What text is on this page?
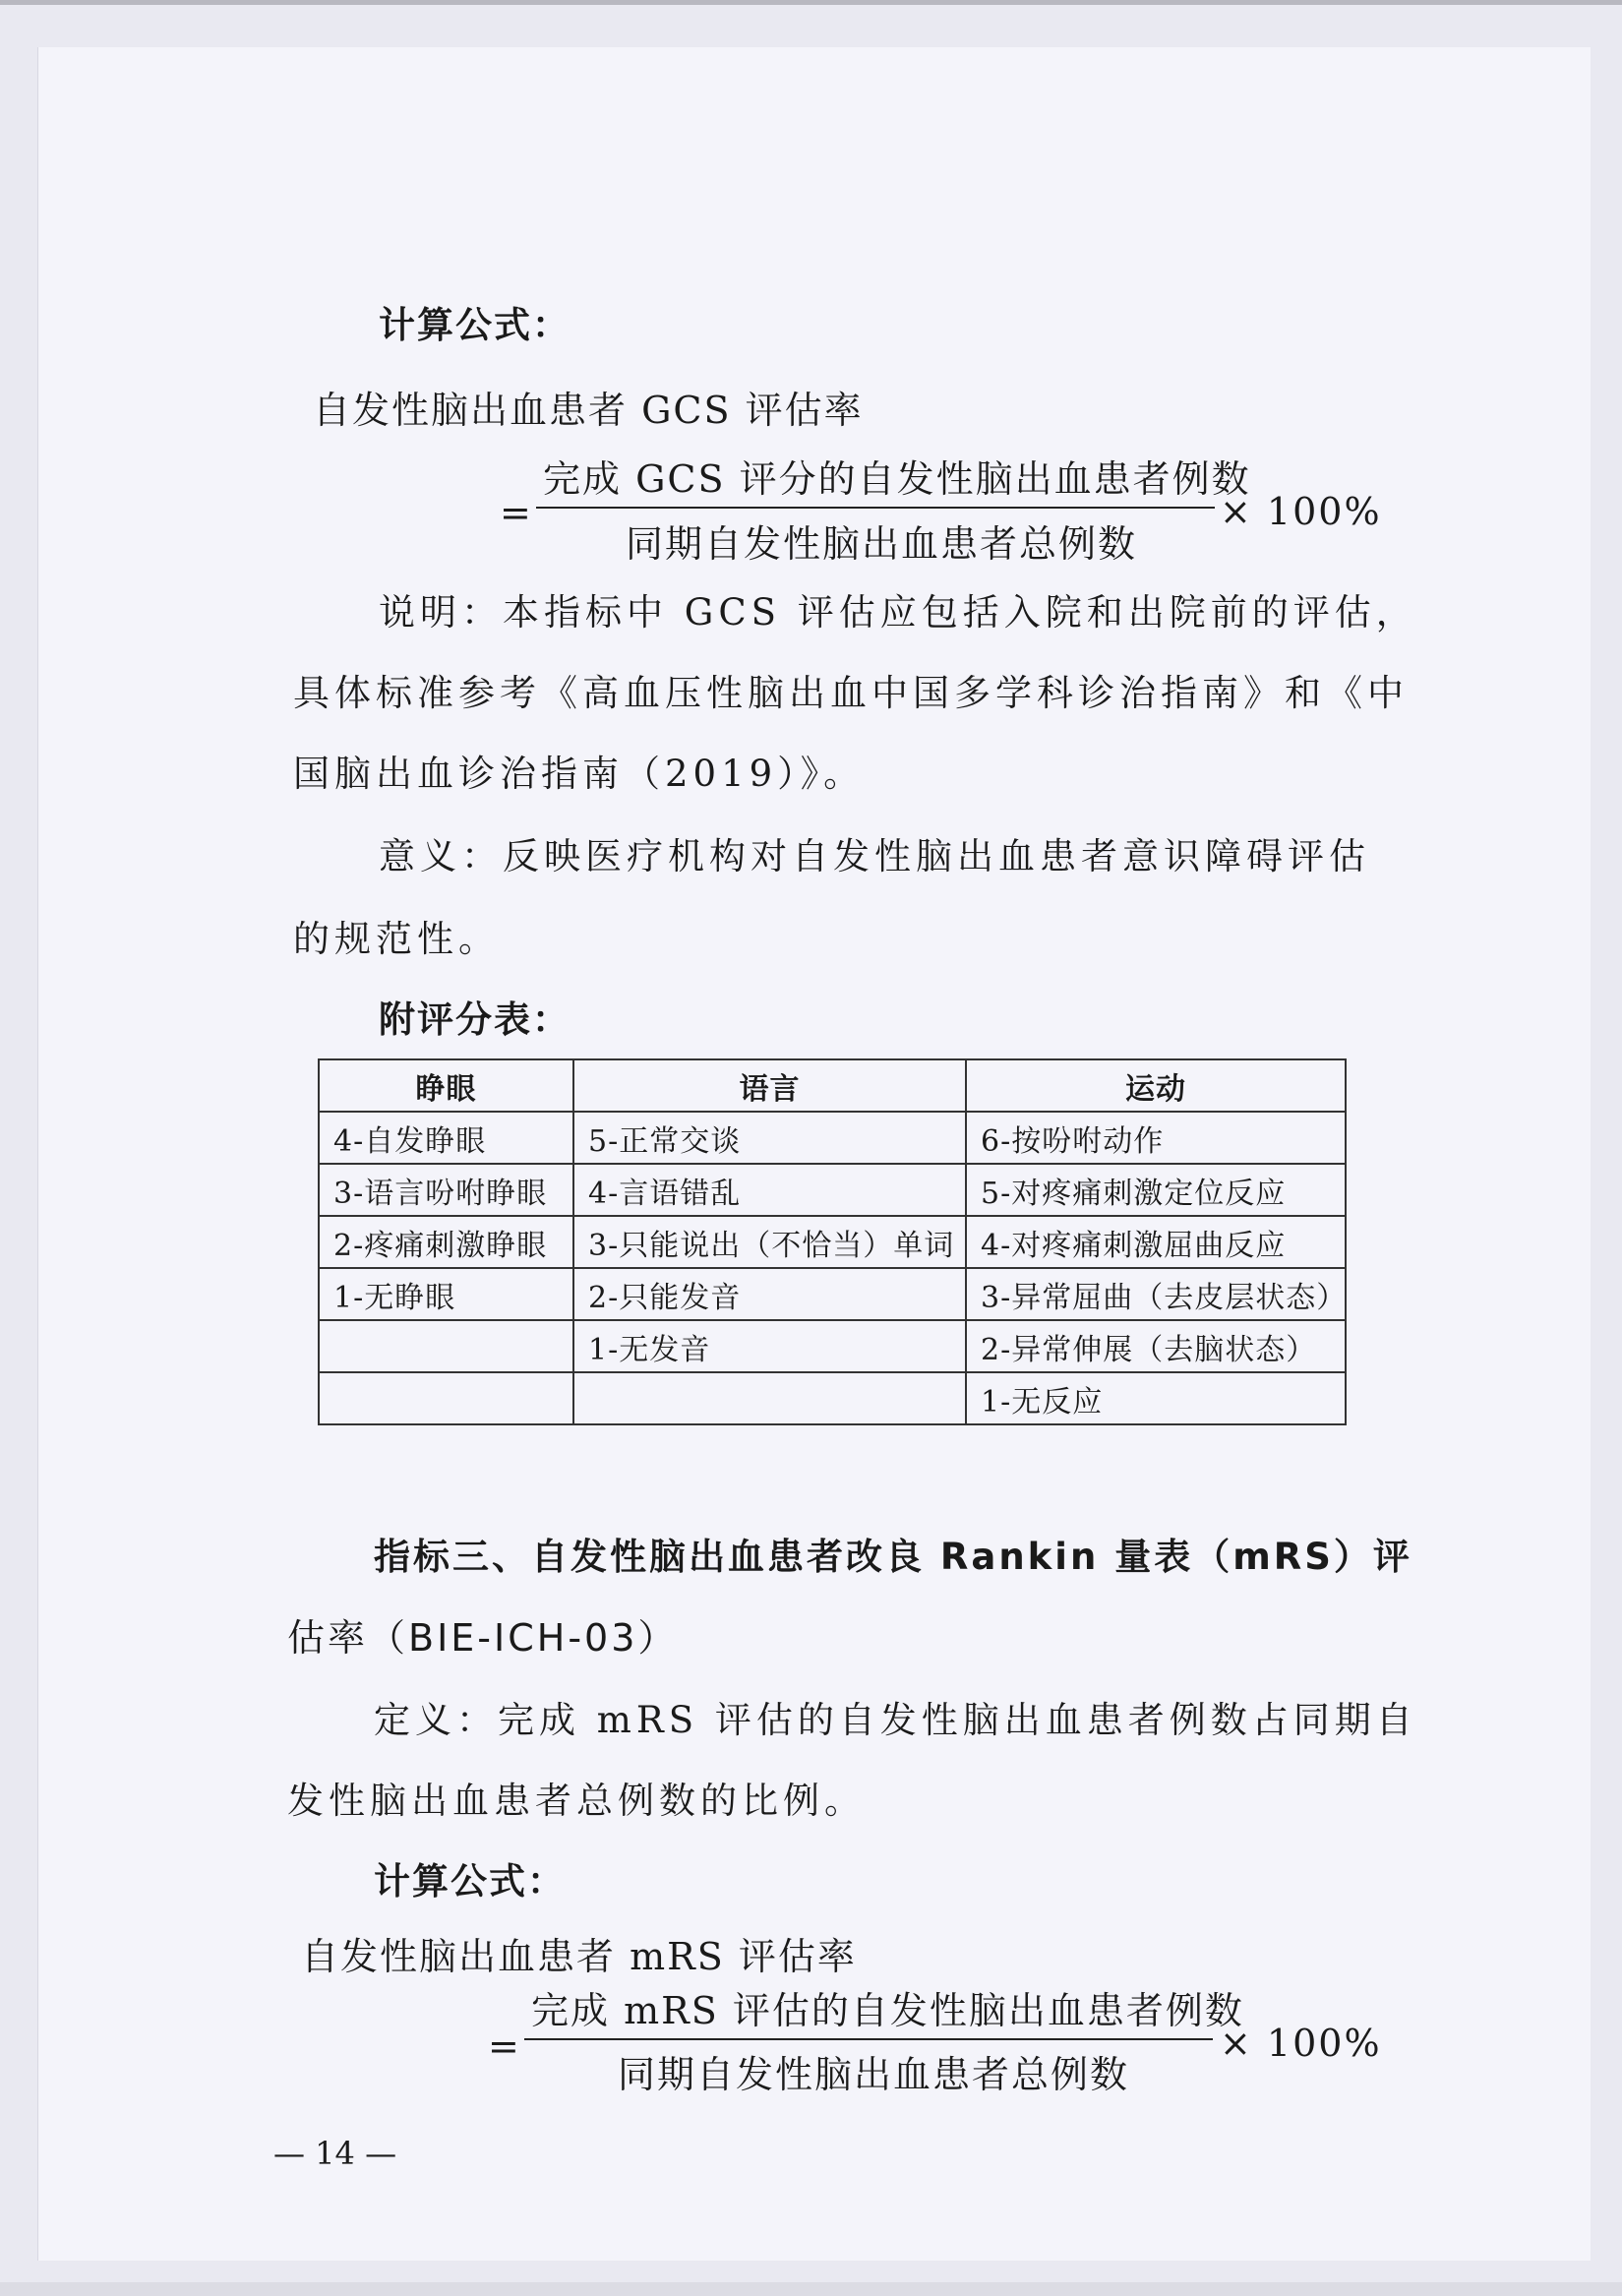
计算公式：
自发性脑出血患者 GCS 评估率
=
完成 GCS 评分的自发性脑出血患者例数
同期自发性脑出血患者总例数
× 100%
说明：本指标中 GCS 评估应包括入院和出院前的评估，
具体标准参考《高血压性脑出血中国多学科诊治指南》和《中
国脑出血诊治指南（2019）》。
意义：反映医疗机构对自发性脑出血患者意识障碍评估
的规范性。
附评分表：
睁眼	语言	运动
4-自发睁眼	5-正常交谈	6-按吩咐动作
3-语言吩咐睁眼	4-言语错乱	5-对疼痛刺激定位反应
2-疼痛刺激睁眼	3-只能说出（不恰当）单词	4-对疼痛刺激屈曲反应
1-无睁眼	2-只能发音	3-异常屈曲（去皮层状态）
	1-无发音	2-异常伸展（去脑状态）
		1-无反应
指标三、自发性脑出血患者改良 Rankin 量表（mRS）评
估率（BIE-ICH-03）
定义：完成 mRS 评估的自发性脑出血患者例数占同期自
发性脑出血患者总例数的比例。
计算公式：
自发性脑出血患者 mRS 评估率
=
完成 mRS 评估的自发性脑出血患者例数
同期自发性脑出血患者总例数
× 100%
— 14 —
